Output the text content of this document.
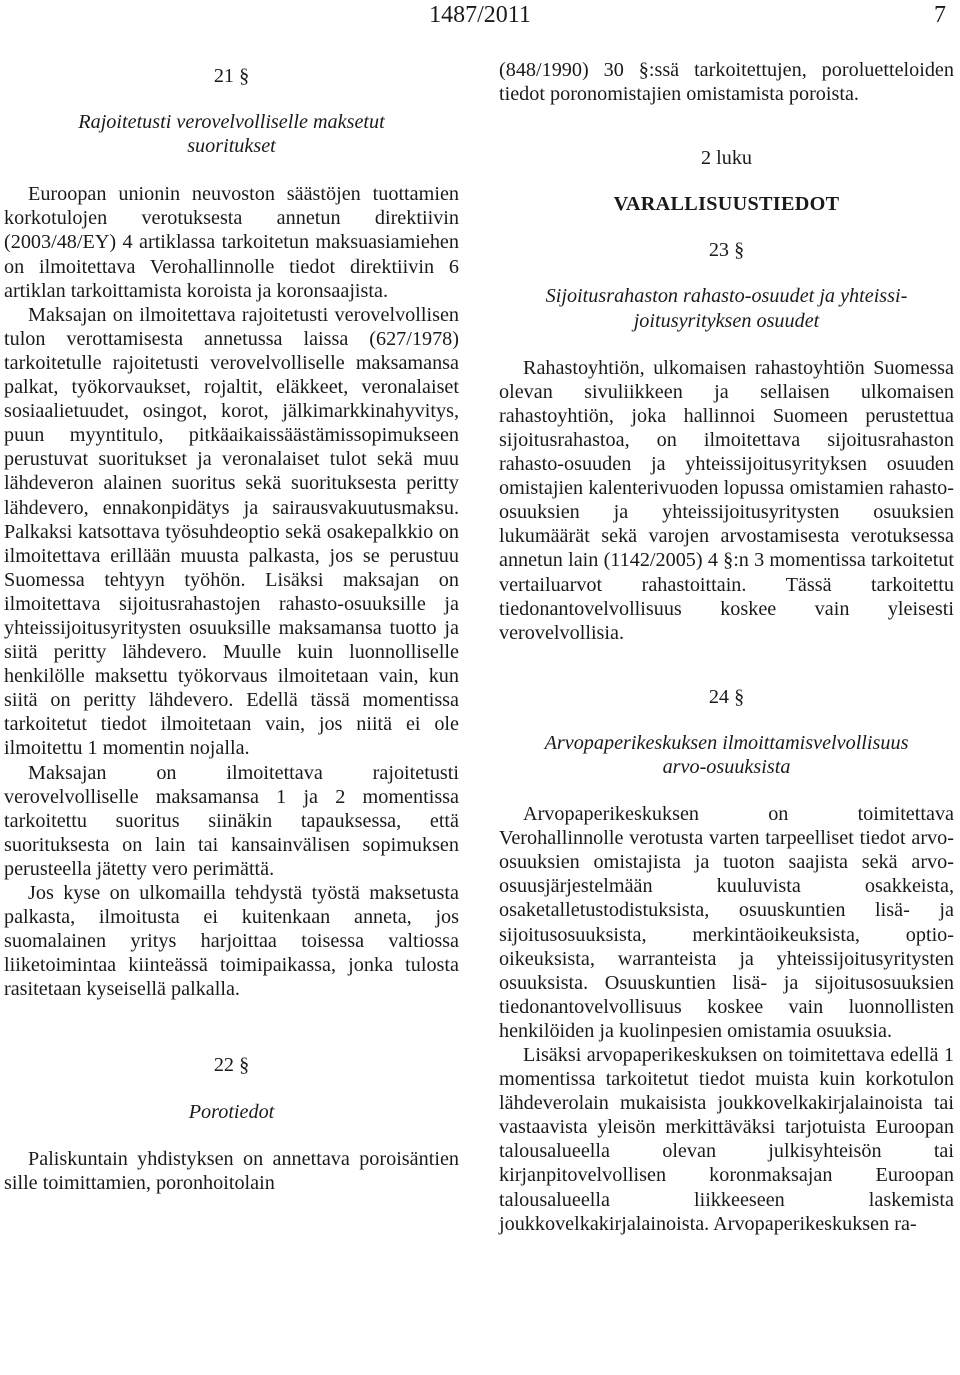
1487/2011	7

21 §

Rajoitetusti verovelvolliselle maksetut

suoritukset

Euroopan unionin neuvoston säästöjen tuottamien korkotulojen verotuksesta annetun direktiivin (2003/48/EY) 4 artiklassa tarkoitetun maksuasiamiehen on ilmoitettava Verohallinnolle tiedot direktiivin 6 artiklan tarkoittamista koroista ja koronsaajista.

Maksajan on ilmoitettava rajoitetusti verovelvollisen tulon verottamisesta annetussa laissa (627/1978) tarkoitetulle rajoitetusti verovelvolliselle maksamansa palkat, työkorvaukset, rojaltit, eläkkeet, veronalaiset sosiaalietuudet, osingot, korot, jälkimarkkinahyvitys, puun myyntitulo, pitkäaikaissäästämissopimukseen perustuvat suoritukset ja veronalaiset tulot sekä muu lähdeveron alainen suoritus sekä suorituksesta peritty lähdevero, ennakonpidätys ja sairausvakuutusmaksu. Palkaksi katsottava työsuhdeoptio sekä osakepalkkio on ilmoitettava erillään muusta palkasta, jos se perustuu Suomessa tehtyyn työhön. Lisäksi maksajan on ilmoitettava sijoitusrahastojen rahasto-osuuksille ja yhteissijoitusyritysten osuuksille maksamansa tuotto ja siitä peritty lähdevero. Muulle kuin luonnolliselle henkilölle maksettu työkorvaus ilmoitetaan vain, kun siitä on peritty lähdevero. Edellä tässä momentissa tarkoitetut tiedot ilmoitetaan vain, jos niitä ei ole ilmoitettu 1 momentin nojalla.

Maksajan on ilmoitettava rajoitetusti verovelvolliselle maksamansa 1 ja 2 momentissa tarkoitettu suoritus siinäkin tapauksessa, että suorituksesta on lain tai kansainvälisen sopimuksen perusteella jätetty vero perimättä.

Jos kyse on ulkomailla tehdystä työstä maksetusta palkasta, ilmoitusta ei kuitenkaan anneta, jos suomalainen yritys harjoittaa toisessa valtiossa liiketoimintaa kiinteässä toimipaikassa, jonka tulosta rasitetaan kyseisellä palkalla.

22 §

Porotiedot

Paliskuntain yhdistyksen on annettava poroisäntien sille toimittamien, poronhoitolain

(848/1990) 30 §:ssä tarkoitettujen, poroluetteloiden tiedot poronomistajien omistamista poroista.

2 luku

VARALLISUUSTIEDOT

23 §

Sijoitusrahaston rahasto-osuudet ja yhteissi-

joitusyrityksen osuudet

Rahastoyhtiön, ulkomaisen rahastoyhtiön Suomessa olevan sivuliikkeen ja sellaisen ulkomaisen rahastoyhtiön, joka hallinnoi Suomeen perustettua sijoitusrahastoa, on ilmoitettava sijoitusrahaston rahasto-osuuden ja yhteissijoitusyrityksen osuuden omistajien kalenterivuoden lopussa omistamien rahasto-osuuksien ja yhteissijoitusyritysten osuuksien lukumäärät sekä varojen arvostamisesta verotuksessa annetun lain (1142/2005) 4 §:n 3 momentissa tarkoitetut vertailuarvot rahastoittain. Tässä tarkoitettu tiedonantovelvollisuus koskee vain yleisesti verovelvollisia.

24 §

Arvopaperikeskuksen ilmoittamisvelvollisuus

arvo-osuuksista

Arvopaperikeskuksen on toimitettava Verohallinnolle verotusta varten tarpeelliset tiedot arvo-osuuksien omistajista ja tuoton saajista sekä arvo-osuusjärjestelmään kuuluvista osakkeista, osaketalletustodistuksista, osuuskuntien lisä- ja sijoitusosuuksista, merkintäoikeuksista, optio-oikeuksista, warranteista ja yhteissijoitusyritysten osuuksista. Osuuskuntien lisä- ja sijoitusosuuksien tiedonantovelvollisuus koskee vain luonnollisten henkilöiden ja kuolinpesien omistamia osuuksia.

Lisäksi arvopaperikeskuksen on toimitettava edellä 1 momentissa tarkoitetut tiedot muista kuin korkotulon lähdeverolain mukaisista joukkovelkakirjalainoista tai vastaavista yleisön merkittäväksi tarjotuista Euroopan talousalueella olevan julkisyhteisön tai kirjanpitovelvollisen koronmaksajan Euroopan talousalueella liikkeeseen laskemista joukkovelkakirjalainoista. Arvopaperikeskuksen ra-
